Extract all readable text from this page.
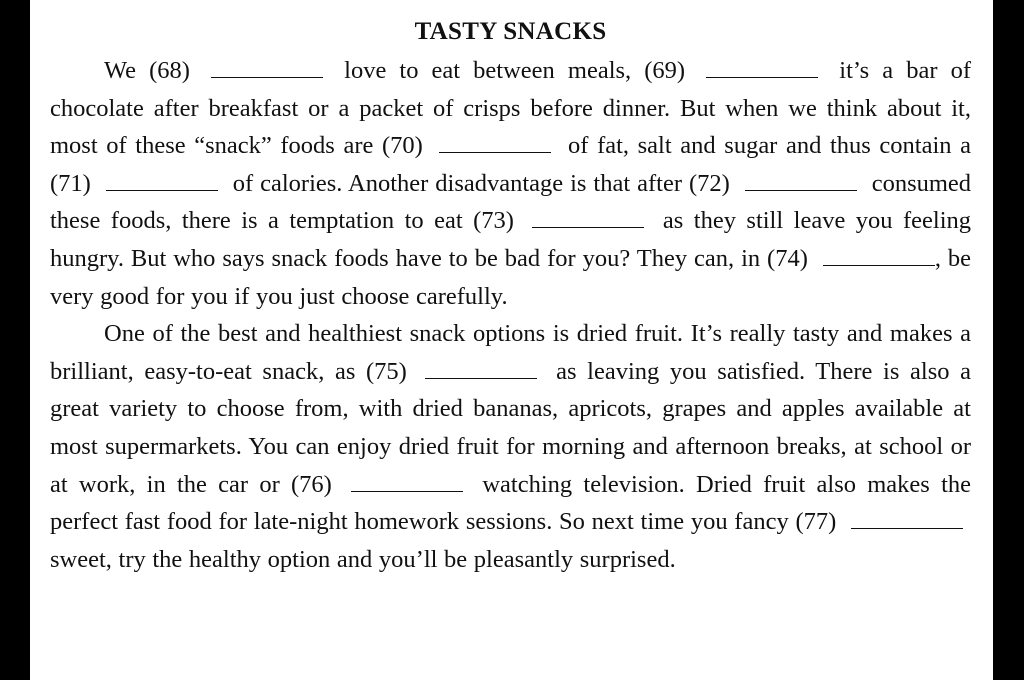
TASTY SNACKS

We (68)	love to eat between meals, (69)	it’s a bar of chocolate after breakfast or a packet of crisps before dinner. But when we think about it, most of these “snack” foods are (70)	of fat, salt and sugar and thus contain a (71)	of calories. Another disadvantage is that after (72)	consumed these foods, there is a temptation to eat (73)	as they still leave you feeling hungry. But who says snack foods have to be bad for you? They can, in (74)	, be very good for you if you just choose carefully.

One of the best and healthiest snack options is dried fruit. It’s really tasty and makes a brilliant, easy-to-eat snack, as (75)	as leaving you satisfied. There is also a great variety to choose from, with dried bananas, apricots, grapes and apples available at most supermarkets. You can enjoy dried fruit for morning and afternoon breaks, at school or at work, in the car or (76)	watching television. Dried fruit also makes the perfect fast food for late-night homework sessions. So next time you fancy (77)  sweet, try the healthy option and you’ll be pleasantly surprised.
